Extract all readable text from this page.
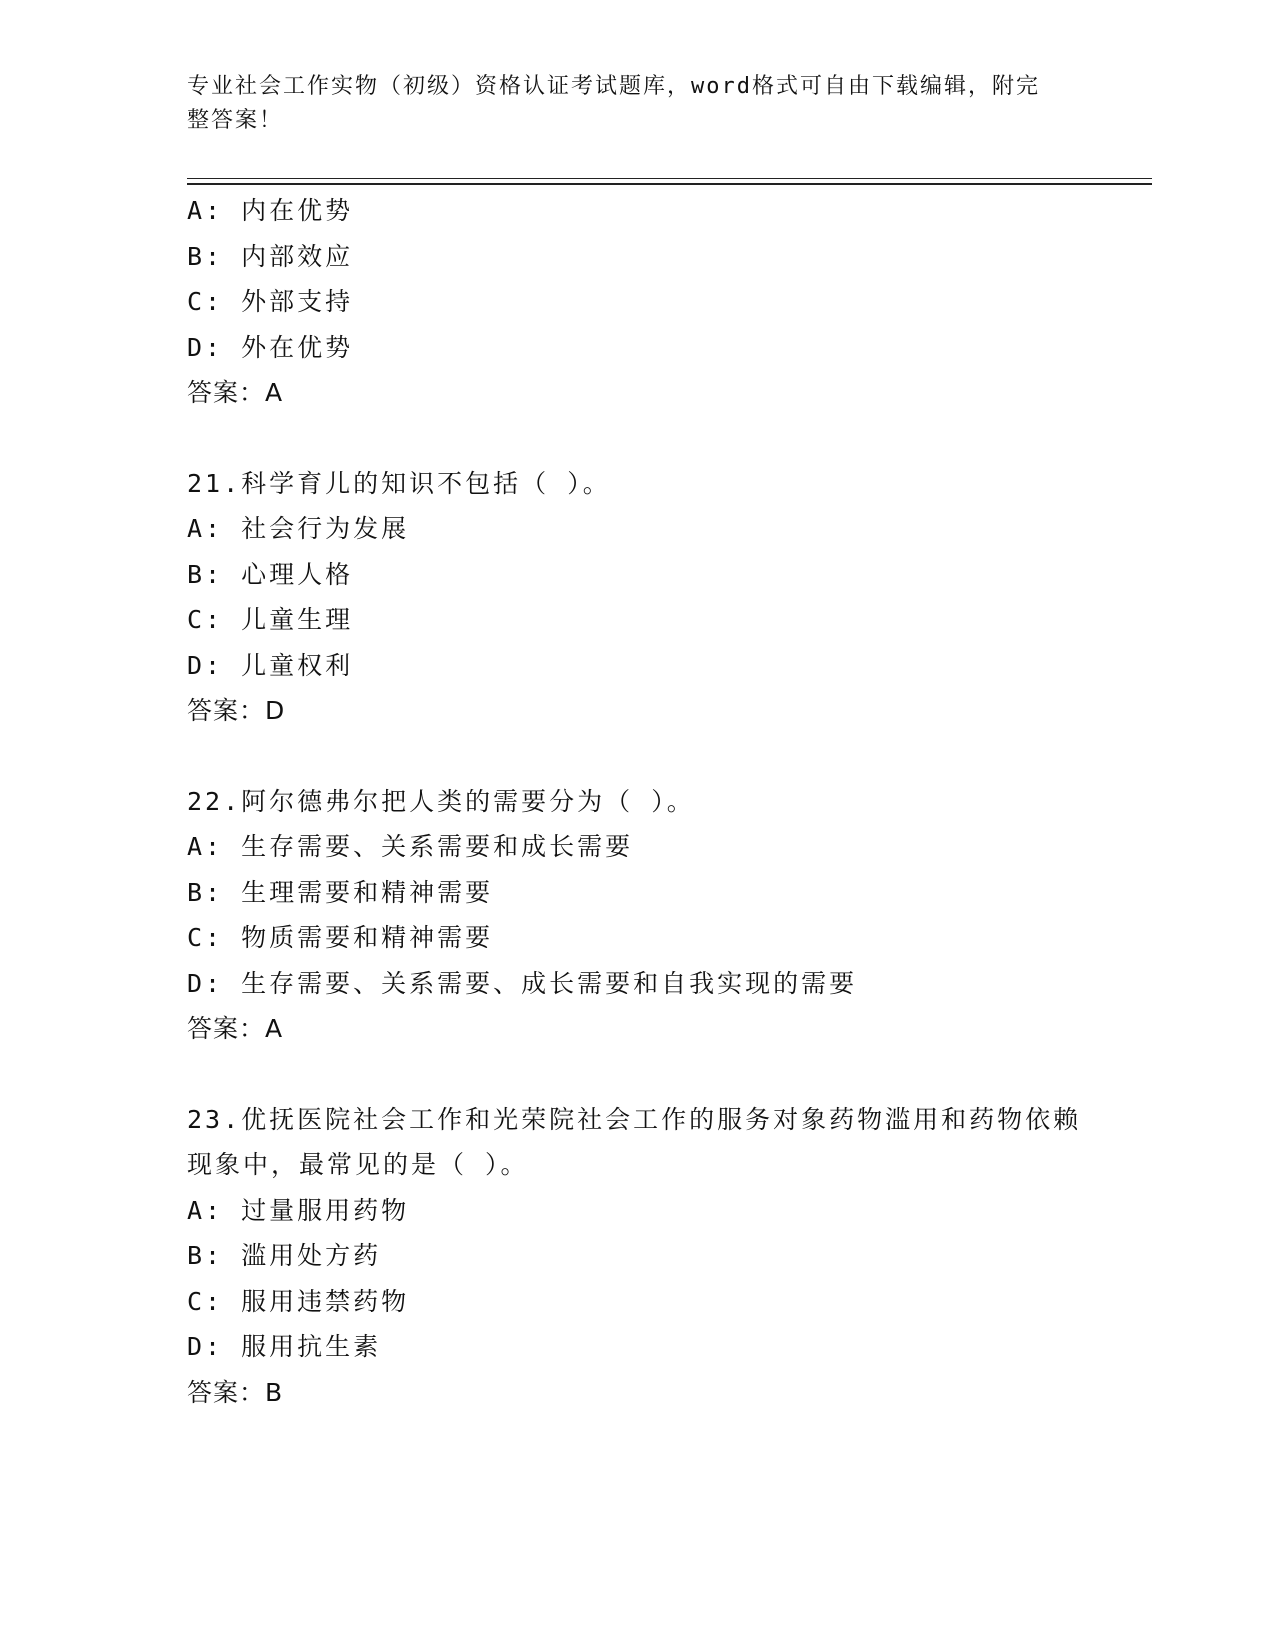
专业社会工作实物（初级）资格认证考试题库，word格式可自由下载编辑，附完整答案！

A: 内在优势
B: 内部效应
C: 外部支持
D: 外在优势
答案：A
21.科学育儿的知识不包括（ ）。
A: 社会行为发展
B: 心理人格
C: 儿童生理
D: 儿童权利
答案：D
22.阿尔德弗尔把人类的需要分为（ ）。
A: 生存需要、关系需要和成长需要
B: 生理需要和精神需要
C: 物质需要和精神需要
D: 生存需要、关系需要、成长需要和自我实现的需要
答案：A
23.优抚医院社会工作和光荣院社会工作的服务对象药物滥用和药物依赖现象中，最常见的是（ ）。
A: 过量服用药物
B: 滥用处方药
C: 服用违禁药物
D: 服用抗生素
答案：B
